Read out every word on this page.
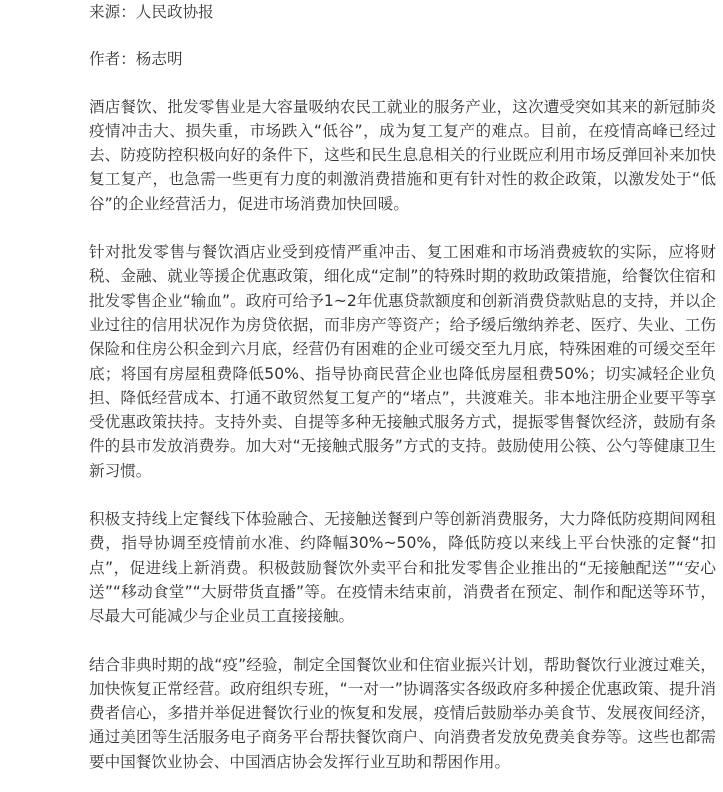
来源：人民政协报

作者：杨志明

酒店餐饮、批发零售业是大容量吸纳农民工就业的服务产业，这次遭受突如其来的新冠肺炎疫情冲击大、损失重，市场跌入“低谷”，成为复工复产的难点。目前，在疫情高峰已经过去、防疫防控积极向好的条件下，这些和民生息息相关的行业既应利用市场反弹回补来加快复工复产，也急需一些更有力度的刺激消费措施和更有针对性的救企政策，以激发处于“低谷”的企业经营活力，促进市场消费加快回暖。

针对批发零售与餐饮酒店业受到疫情严重冲击、复工困难和市场消费疲软的实际，应将财税、金融、就业等援企优惠政策，细化成“定制”的特殊时期的救助政策措施，给餐饮住宿和批发零售企业“输血”。政府可给予1~2年优惠贷款额度和创新消费贷款贴息的支持，并以企业过往的信用状况作为房贷依据，而非房产等资产；给予缓后缴纳养老、医疗、失业、工伤保险和住房公积金到六月底，经营仍有困难的企业可缓交至九月底，特殊困难的可缓交至年底；将国有房屋租费降低50%、指导协商民营企业也降低房屋租费50%；切实减轻企业负担、降低经营成本、打通不敢贸然复工复产的“堵点”，共渡难关。非本地注册企业要平等享受优惠政策扶持。支持外卖、自提等多种无接触式服务方式，提振零售餐饮经济，鼓励有条件的县市发放消费券。加大对“无接触式服务”方式的支持。鼓励使用公筷、公勺等健康卫生新习惯。

积极支持线上定餐线下体验融合、无接触送餐到户等创新消费服务，大力降低防疫期间网租费，指导协调至疫情前水准、约降幅30%~50%，降低防疫以来线上平台快涨的定餐“扣点”，促进线上新消费。积极鼓励餐饮外卖平台和批发零售企业推出的“无接触配送”“安心送”“移动食堂”“大厨带货直播”等。在疫情未结束前，消费者在预定、制作和配送等环节，尽最大可能减少与企业员工直接接触。

结合非典时期的战“疫”经验，制定全国餐饮业和住宿业振兴计划，帮助餐饮行业渡过难关，加快恢复正常经营。政府组织专班，“一对一”协调落实各级政府多种援企优惠政策、提升消费者信心，多措并举促进餐饮行业的恢复和发展，疫情后鼓励举办美食节、发展夜间经济，通过美团等生活服务电子商务平台帮扶餐饮商户、向消费者发放免费美食券等。这些也都需要中国餐饮业协会、中国酒店协会发挥行业互助和帮困作用。
